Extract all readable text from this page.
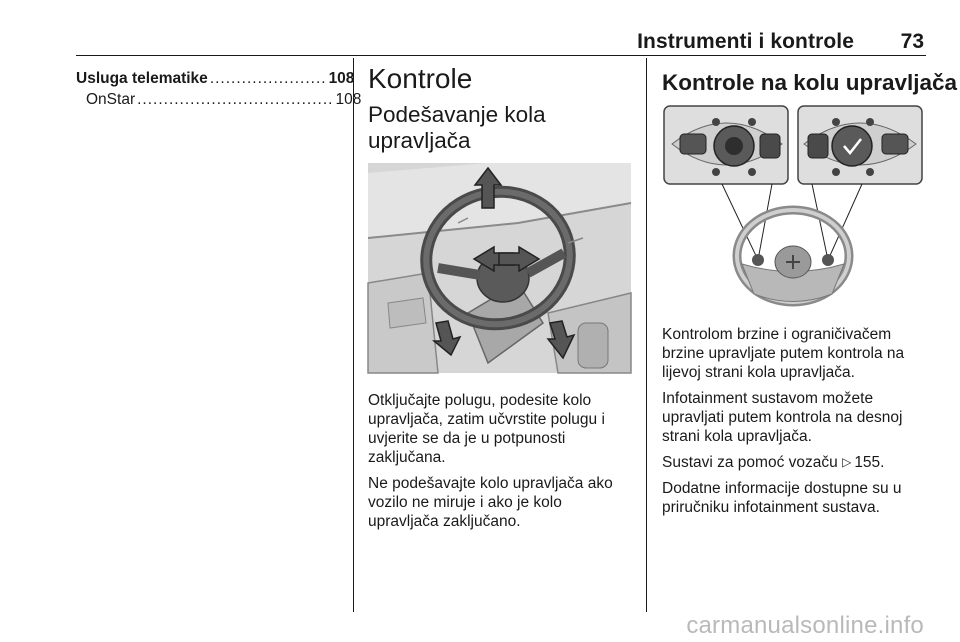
Instrumenti i kontrole 73
Usluga telematike ...................... 108
OnStar ..................................... 108
Kontrole
Podešavanje kola upravljača

Otključajte polugu, podesite kolo upravljača, zatim učvrstite polugu i uvjerite se da je u potpunosti zaključana.

Ne podešavajte kolo upravljača ako vozilo ne miruje i ako je kolo upravljača zaključano.

Kontrole na kolu upravljača

Kontrolom brzine i ograničivačem brzine upravljate putem kontrola na lijevoj strani kola upravljača.

Infotainment sustavom možete upravljati putem kontrola na desnoj strani kola upravljača.

Sustavi za pomoć vozaču ▷ 155.

Dodatne informacije dostupne su u priručniku infotainment sustava.

carmanualsonline.info
